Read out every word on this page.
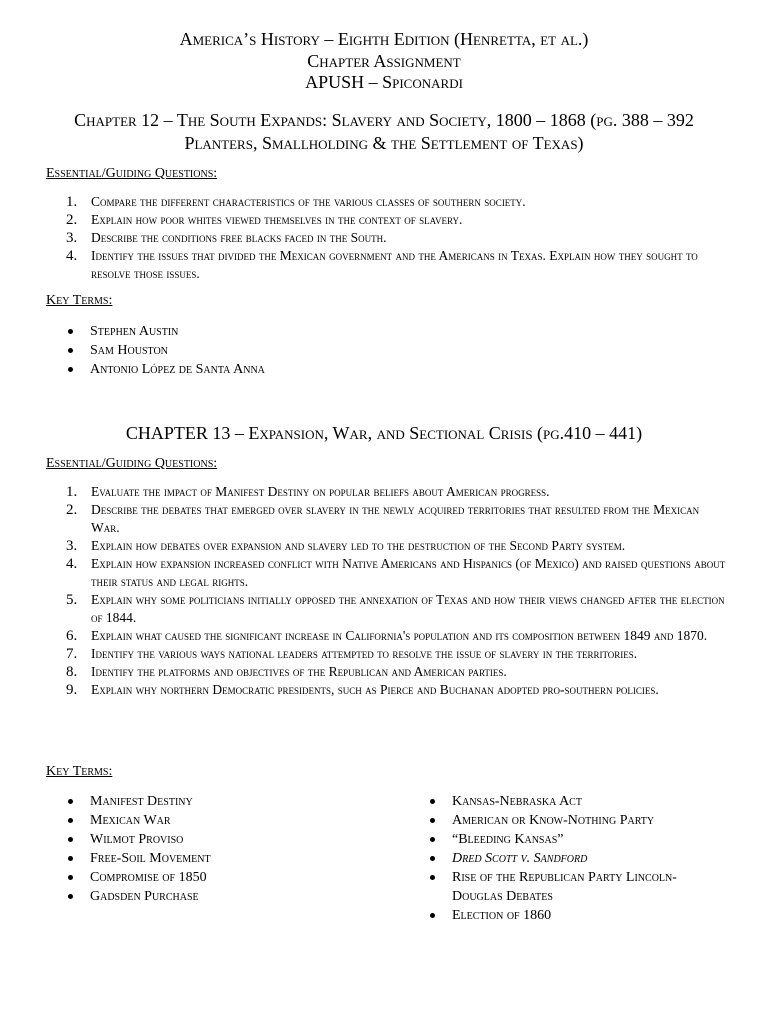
America’s History – Eighth Edition (Henretta, et al.)
Chapter Assignment
APUSH – Spiconardi
Chapter 12 – The South Expands: Slavery and Society, 1800 – 1868 (pg. 388 – 392
Planters, Smallholding & the Settlement of Texas)
Essential/Guiding Questions:
1. Compare the different characteristics of the various classes of southern society.
2. Explain how poor whites viewed themselves in the context of slavery.
3. Describe the conditions free blacks faced in the South.
4. Identify the issues that divided the Mexican government and the Americans in Texas. Explain how they sought to resolve those issues.
Key Terms:
Stephen Austin
Sam Houston
Antonio López de Santa Anna
CHAPTER 13 – Expansion, War, and Sectional Crisis (pg.410 – 441)
Essential/Guiding Questions:
1. Evaluate the impact of Manifest Destiny on popular beliefs about American progress.
2. Describe the debates that emerged over slavery in the newly acquired territories that resulted from the Mexican War.
3. Explain how debates over expansion and slavery led to the destruction of the Second Party system.
4. Explain how expansion increased conflict with Native Americans and Hispanics (of Mexico) and raised questions about their status and legal rights.
5. Explain why some politicians initially opposed the annexation of Texas and how their views changed after the election of 1844.
6. Explain what caused the significant increase in California's population and its composition between 1849 and 1870.
7. Identify the various ways national leaders attempted to resolve the issue of slavery in the territories.
8. Identify the platforms and objectives of the Republican and American parties.
9. Explain why northern Democratic presidents, such as Pierce and Buchanan adopted pro-southern policies.
Key Terms:
Manifest Destiny
Mexican War
Wilmot Proviso
Free-Soil Movement
Compromise of 1850
Gadsden Purchase
Kansas-Nebraska Act
American or Know-Nothing Party
“Bleeding Kansas”
Dred Scott v. Sandford
Rise of the Republican Party Lincoln-Douglas Debates
Election of 1860
